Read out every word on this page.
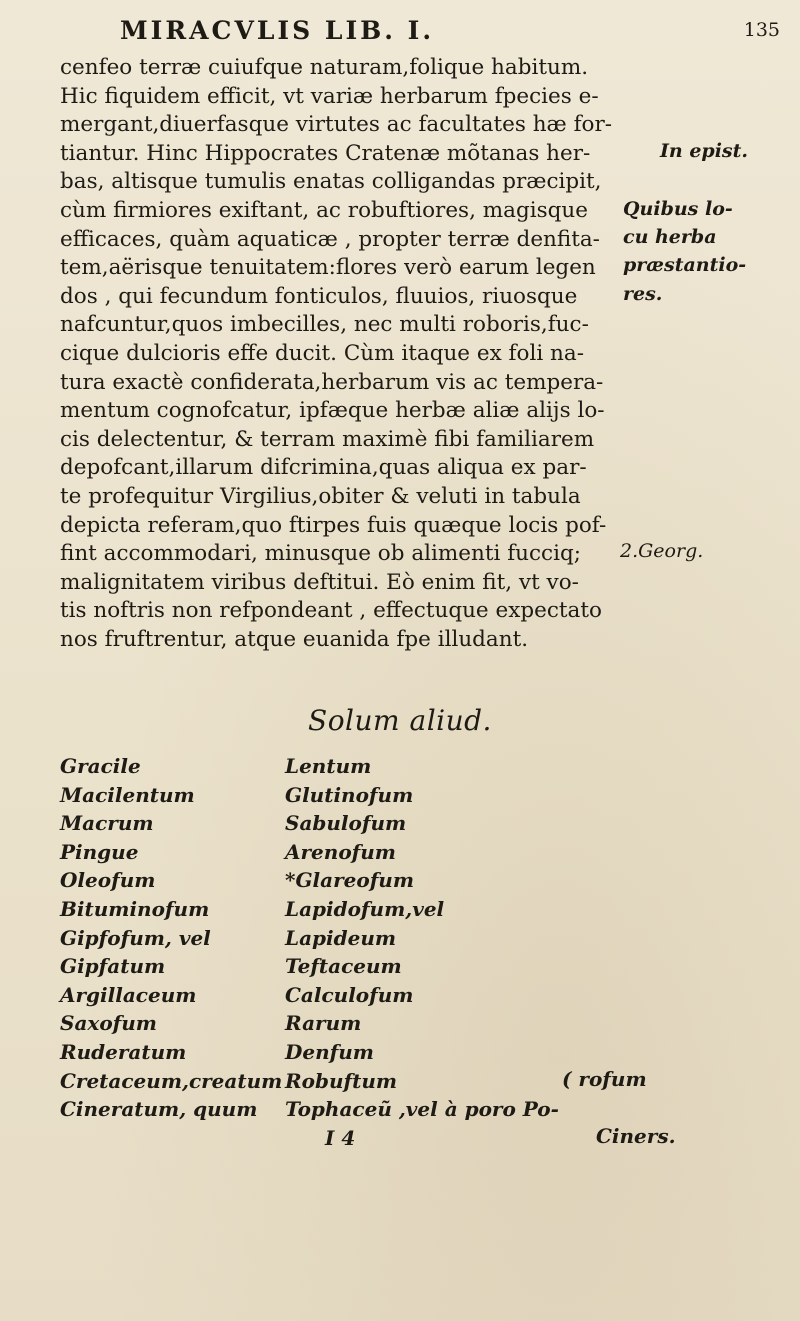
MIRACVLIS LIB. I.	135
cenfeo terræ cuiufque naturam,folique habitum.
Hic fiquidem efficit, vt variæ herbarum fpecies e-
mergant,diuerfasque virtutes ac facultates hæ for-
tiantur. Hinc Hippocrates Cratenæ mõtanas her-
bas, altisque tumulis enatas colligandas præcipit,
cùm firmiores exiftant, ac robuftiores, magisque
efficaces, quàm aquaticæ , propter terræ denfita-
tem,aërisque tenuitatem:flores verò earum legen
dos , qui fecundum fonticulos, fluuios, riuosque
nafcuntur,quos imbecilles, nec multi roboris,fuc-
cique dulcioris effe ducit. Cùm itaque ex foli na-
tura exactè confiderata,herbarum vis ac tempera-
mentum cognofcatur, ipfæque herbæ aliæ alijs lo-
cis delectentur, & terram maximè fibi familiarem
depofcant,illarum difcrimina,quas aliqua ex par-
te profequitur Virgilius,obiter & veluti in tabula
depicta referam,quo ftirpes fuis quæque locis pof-
fint accommodari, minusque ob alimenti fucciq;
malignitatem viribus deftitui. Eò enim fit, vt vo-
tis noftris non refpondeant , effectuque expectato
nos fruftrentur, atque euanida fpe illudant.
In epist.
Quibus lo-
cu herba
præstantio-
res.
2.Georg.
Solum aliud.
Gracile
Macilentum
Macrum
Pingue
Oleofum
Bituminofum
Gipfofum, vel
Gipfatum
Argillaceum
Saxofum
Ruderatum
Cretaceum,creatum
Cineratum, quum
Lentum
Glutinofum
Sabulofum
Arenofum
*Glareofum
Lapidofum,vel
Lapideum
Teftaceum
Calculofum
Rarum
Denfum
Robuftum
Tophaceũ ,vel à poro Po-
I 4
( rofum
Ciners.
